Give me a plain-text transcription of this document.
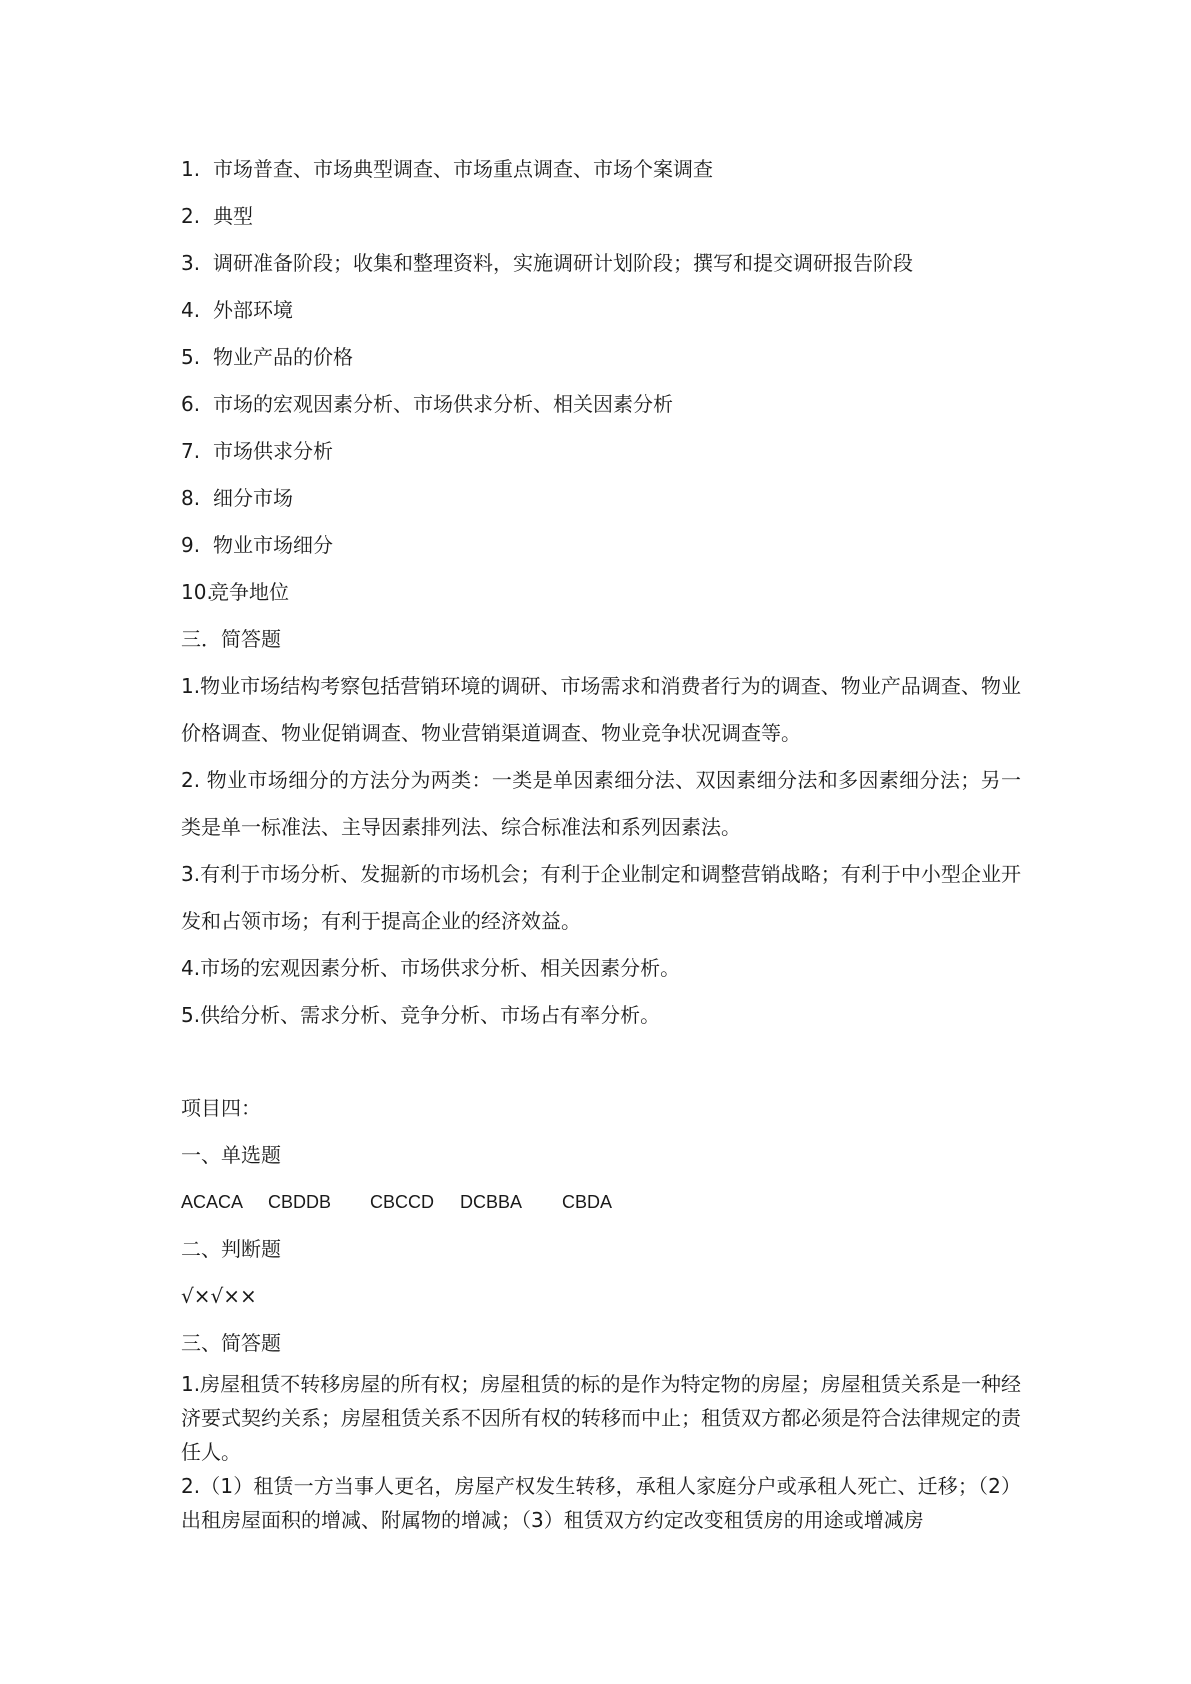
1. 市场普查、市场典型调查、市场重点调查、市场个案调查

2. 典型

3. 调研准备阶段；收集和整理资料，实施调研计划阶段；撰写和提交调研报告阶段

4. 外部环境

5. 物业产品的价格

6. 市场的宏观因素分析、市场供求分析、相关因素分析

7. 市场供求分析

8. 细分市场

9. 物业市场细分

10.竞争地位

三．简答题

1.物业市场结构考察包括营销环境的调研、市场需求和消费者行为的调查、物业产品调查、物业价格调查、物业促销调查、物业营销渠道调查、物业竞争状况调查等。

2. 物业市场细分的方法分为两类：一类是单因素细分法、双因素细分法和多因素细分法；另一类是单一标准法、主导因素排列法、综合标准法和系列因素法。

3.有利于市场分析、发掘新的市场机会；有利于企业制定和调整营销战略；有利于中小型企业开发和占领市场；有利于提高企业的经济效益。

4.市场的宏观因素分析、市场供求分析、相关因素分析。

5.供给分析、需求分析、竞争分析、市场占有率分析。

项目四：

一、单选题

ACACA CBDDB CBCCD DCBBA CBDA

二、判断题

√×√××

三、简答题

1.房屋租赁不转移房屋的所有权；房屋租赁的标的是作为特定物的房屋；房屋租赁关系是一种经济要式契约关系；房屋租赁关系不因所有权的转移而中止；租赁双方都必须是符合法律规定的责任人。

2.（1）租赁一方当事人更名，房屋产权发生转移，承租人家庭分户或承租人死亡、迁移；（2）出租房屋面积的增减、附属物的增减；（3）租赁双方约定改变租赁房的用途或增减房
